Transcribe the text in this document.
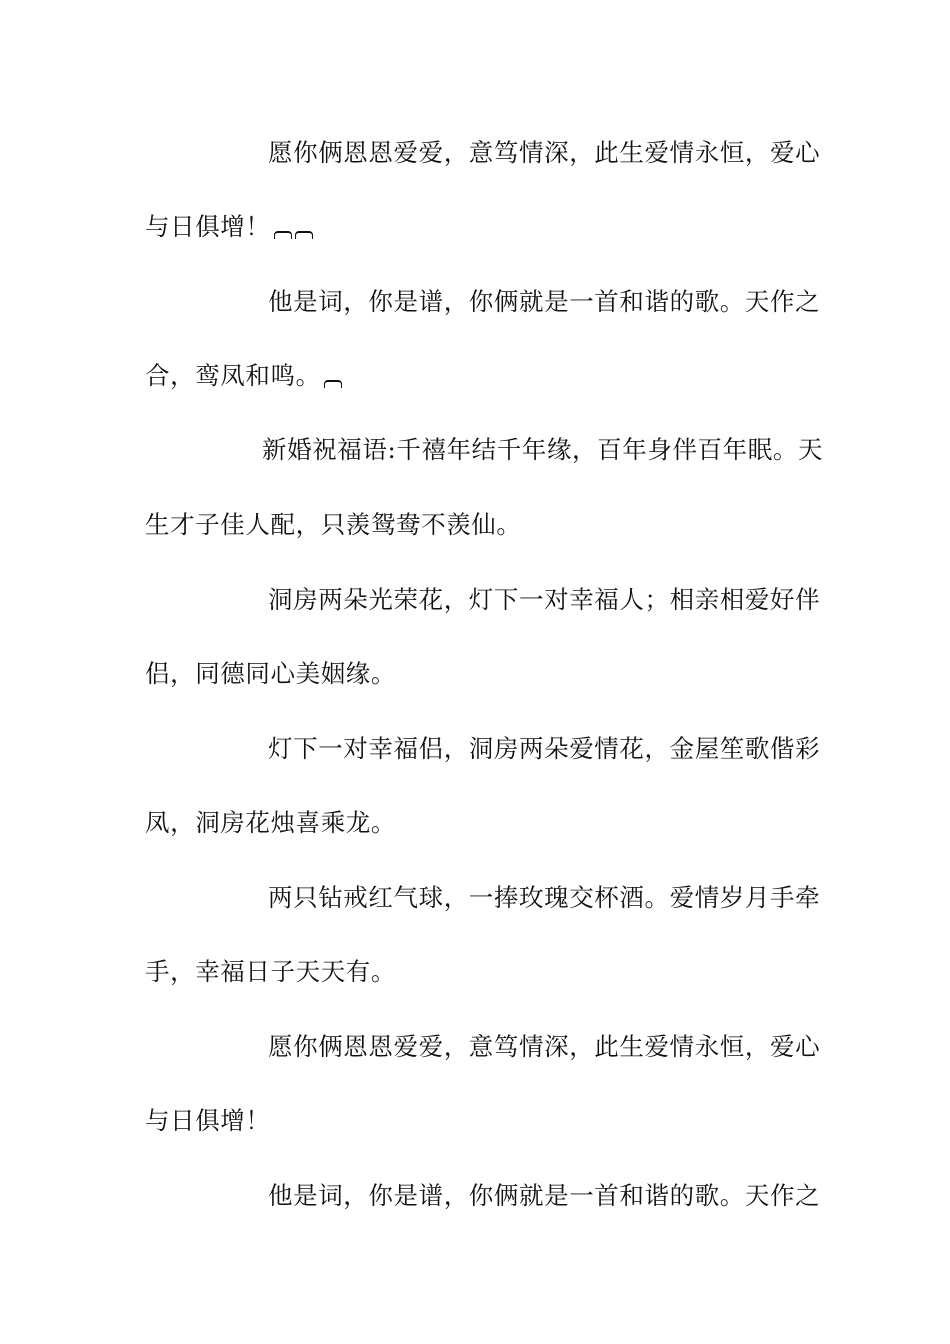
愿你俩恩恩爱爱，意笃情深，此生爱情永恒，爱心
与日俱增！
他是词，你是谱，你俩就是一首和谐的歌。天作之
合，鸾凤和鸣。
新婚祝福语:千禧年结千年缘，百年身伴百年眠。天
生才子佳人配，只羡鸳鸯不羡仙。
洞房两朵光荣花，灯下一对幸福人；相亲相爱好伴
侣，同德同心美姻缘。
灯下一对幸福侣，洞房两朵爱情花，金屋笙歌偕彩
凤，洞房花烛喜乘龙。
两只钻戒红气球，一捧玫瑰交杯酒。爱情岁月手牵
手，幸福日子天天有。
愿你俩恩恩爱爱，意笃情深，此生爱情永恒，爱心
与日俱增！
他是词，你是谱，你俩就是一首和谐的歌。天作之
